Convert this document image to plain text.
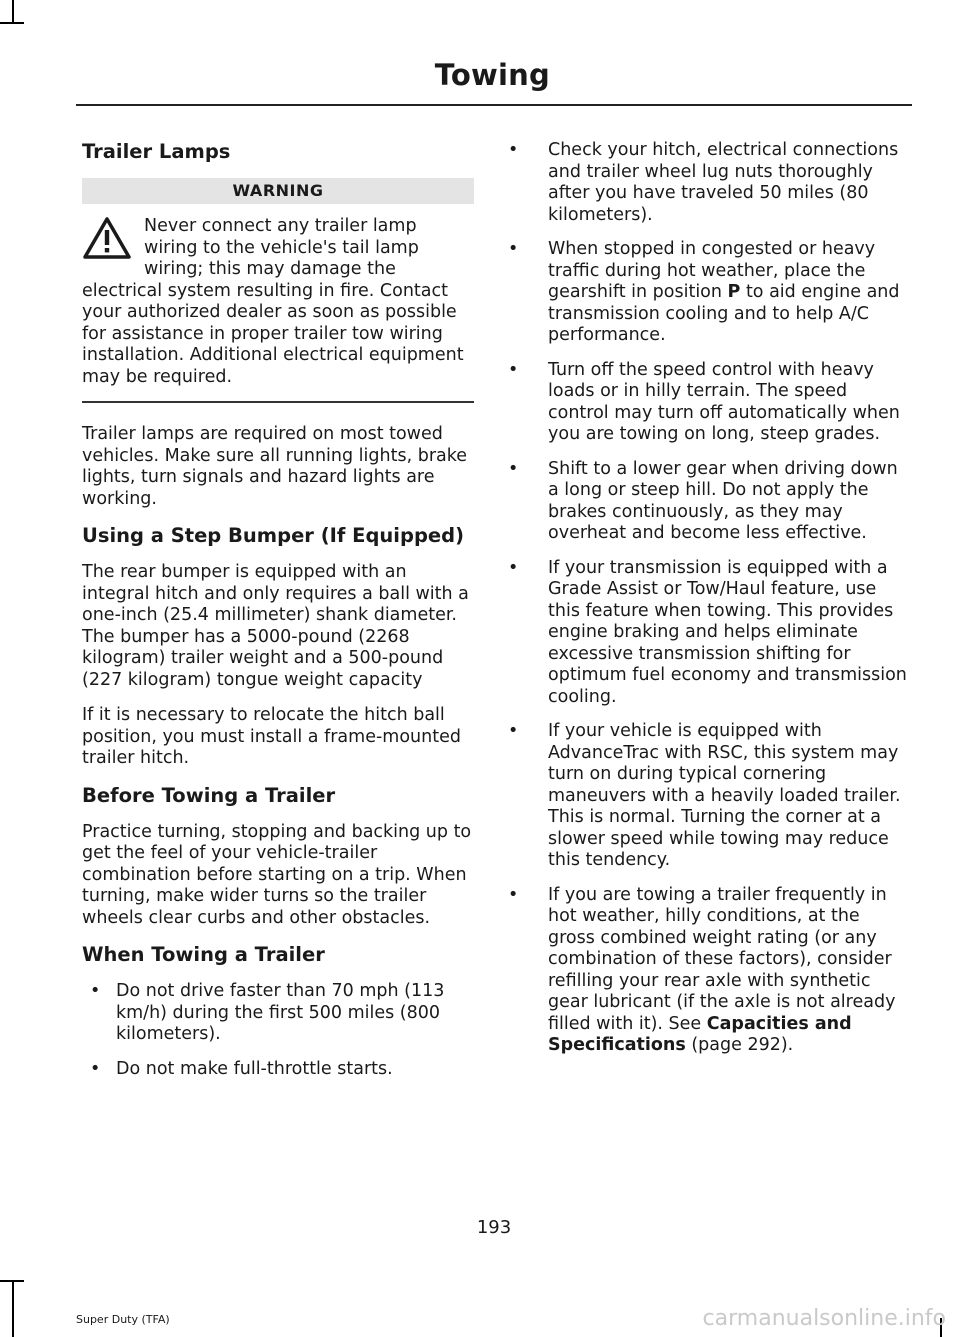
Towing
Trailer Lamps
WARNING
Never connect any trailer lamp wiring to the vehicle's tail lamp wiring; this may damage the electrical system resulting in fire. Contact your authorized dealer as soon as possible for assistance in proper trailer tow wiring installation. Additional electrical equipment may be required.

Trailer lamps are required on most towed vehicles. Make sure all running lights, brake lights, turn signals and hazard lights are working.

Using a Step Bumper (If Equipped)

The rear bumper is equipped with an integral hitch and only requires a ball with a one-inch (25.4 millimeter) shank diameter. The bumper has a 5000-pound (2268 kilogram) trailer weight and a 500-pound (227 kilogram) tongue weight capacity

If it is necessary to relocate the hitch ball position, you must install a frame-mounted trailer hitch.

Before Towing a Trailer

Practice turning, stopping and backing up to get the feel of your vehicle-trailer combination before starting on a trip. When turning, make wider turns so the trailer wheels clear curbs and other obstacles.

When Towing a Trailer
• Do not drive faster than 70 mph (113 km/h) during the first 500 miles (800 kilometers).
• Do not make full-throttle starts.
• Check your hitch, electrical connections and trailer wheel lug nuts thoroughly after you have traveled 50 miles (80 kilometers).
• When stopped in congested or heavy traffic during hot weather, place the gearshift in position P to aid engine and transmission cooling and to help A/C performance.
• Turn off the speed control with heavy loads or in hilly terrain. The speed control may turn off automatically when you are towing on long, steep grades.
• Shift to a lower gear when driving down a long or steep hill. Do not apply the brakes continuously, as they may overheat and become less effective.
• If your transmission is equipped with a Grade Assist or Tow/Haul feature, use this feature when towing. This provides engine braking and helps eliminate excessive transmission shifting for optimum fuel economy and transmission cooling.
• If your vehicle is equipped with AdvanceTrac with RSC, this system may turn on during typical cornering maneuvers with a heavily loaded trailer. This is normal. Turning the corner at a slower speed while towing may reduce this tendency.
• If you are towing a trailer frequently in hot weather, hilly conditions, at the gross combined weight rating (or any combination of these factors), consider refilling your rear axle with synthetic gear lubricant (if the axle is not already filled with it). See Capacities and Specifications (page 292).

193

Super Duty (TFA)	carmanualsonline.info
